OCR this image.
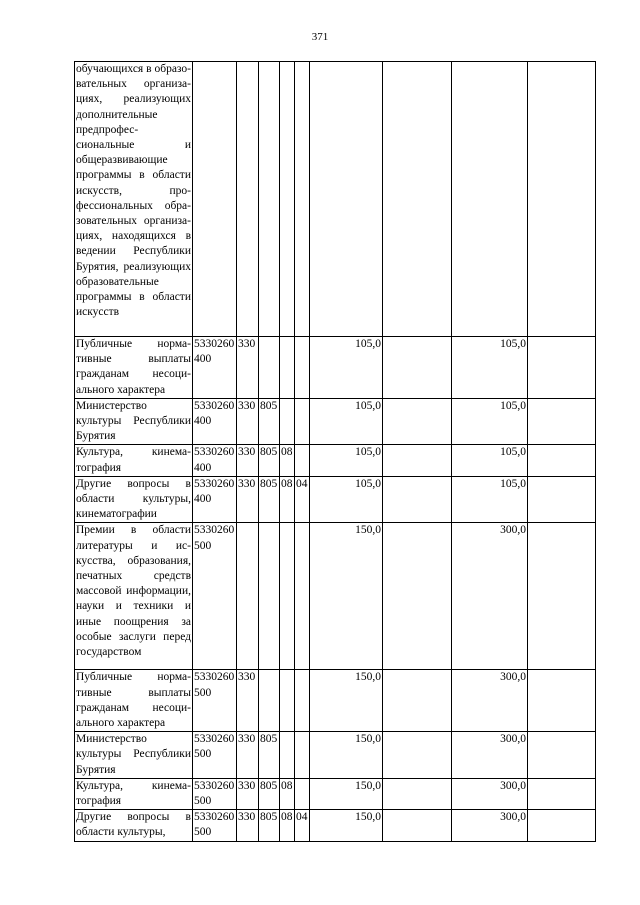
371
обучающихся в образовательных организациях, реализующих дополнительные предпрофессиональные и общеразвивающие программы в области искусств, профессиональных образовательных организациях, находящихся в ведении Республики Бурятия, реализующих образовательные программы в области искусств									
Публичные нормативные выплаты гражданам несоциального характера	5330260400	330				105,0		105,0	
Министерство культуры Республики Бурятия	5330260400	330	805			105,0		105,0	
Культура, кинематография	5330260400	330	805	08		105,0		105,0	
Другие вопросы в области культуры, кинематографии	5330260400	330	805	08	04	105,0		105,0	
Премии в области литературы и искусства, образования, печатных средств массовой информации, науки и техники и иные поощрения за особые заслуги перед государством	5330260500					150,0		300,0	
Публичные нормативные выплаты гражданам несоциального характера	5330260500	330				150,0		300,0	
Министерство культуры Республики Бурятия	5330260500	330	805			150,0		300,0	
Культура, кинематография	5330260500	330	805	08		150,0		300,0	
Другие вопросы в области культуры,	5330260500	330	805	08	04	150,0		300,0	
